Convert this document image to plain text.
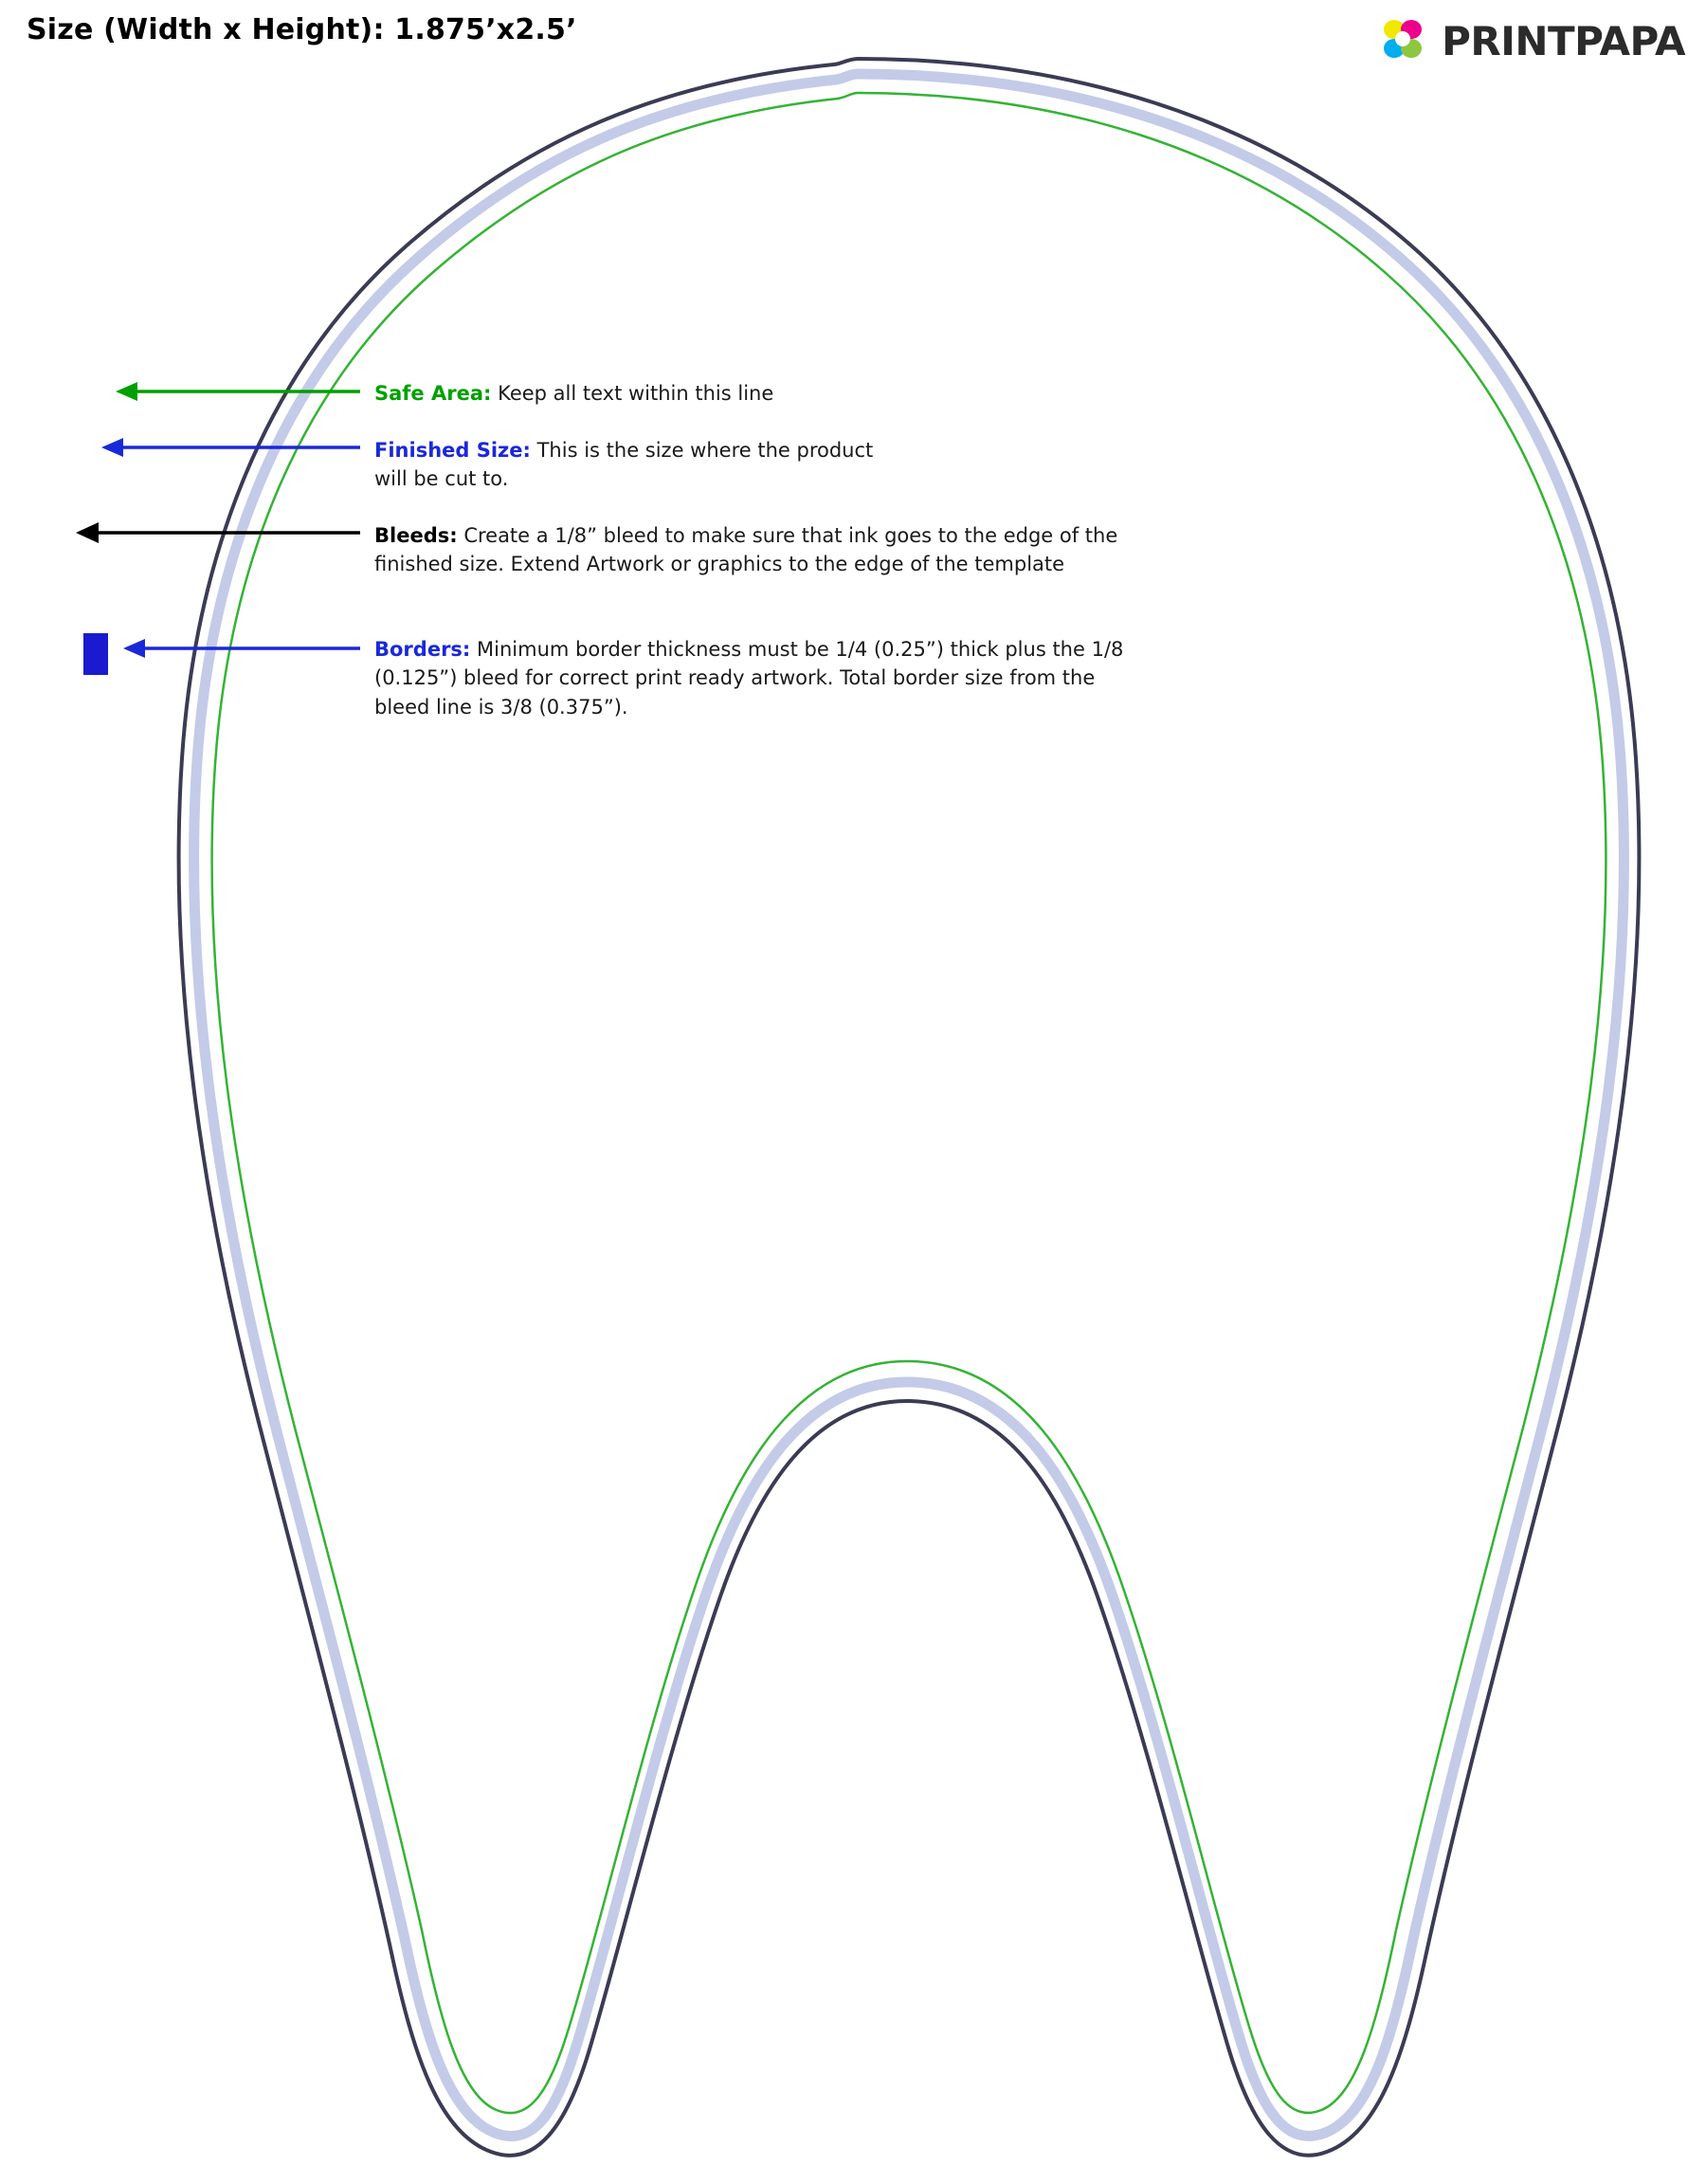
Size (Width x Height): 1.875’x2.5’	PRINTPAPA
Safe Area: Keep all text within this line
Finished Size: This is the size where the product will be cut to.
Bleeds: Create a 1/8” bleed to make sure that ink goes to the edge of the finished size. Extend Artwork or graphics to the edge of the template
Borders: Minimum border thickness must be 1/4 (0.25”) thick plus the 1/8 (0.125”) bleed for correct print ready artwork. Total border size from the bleed line is 3/8 (0.375”).
